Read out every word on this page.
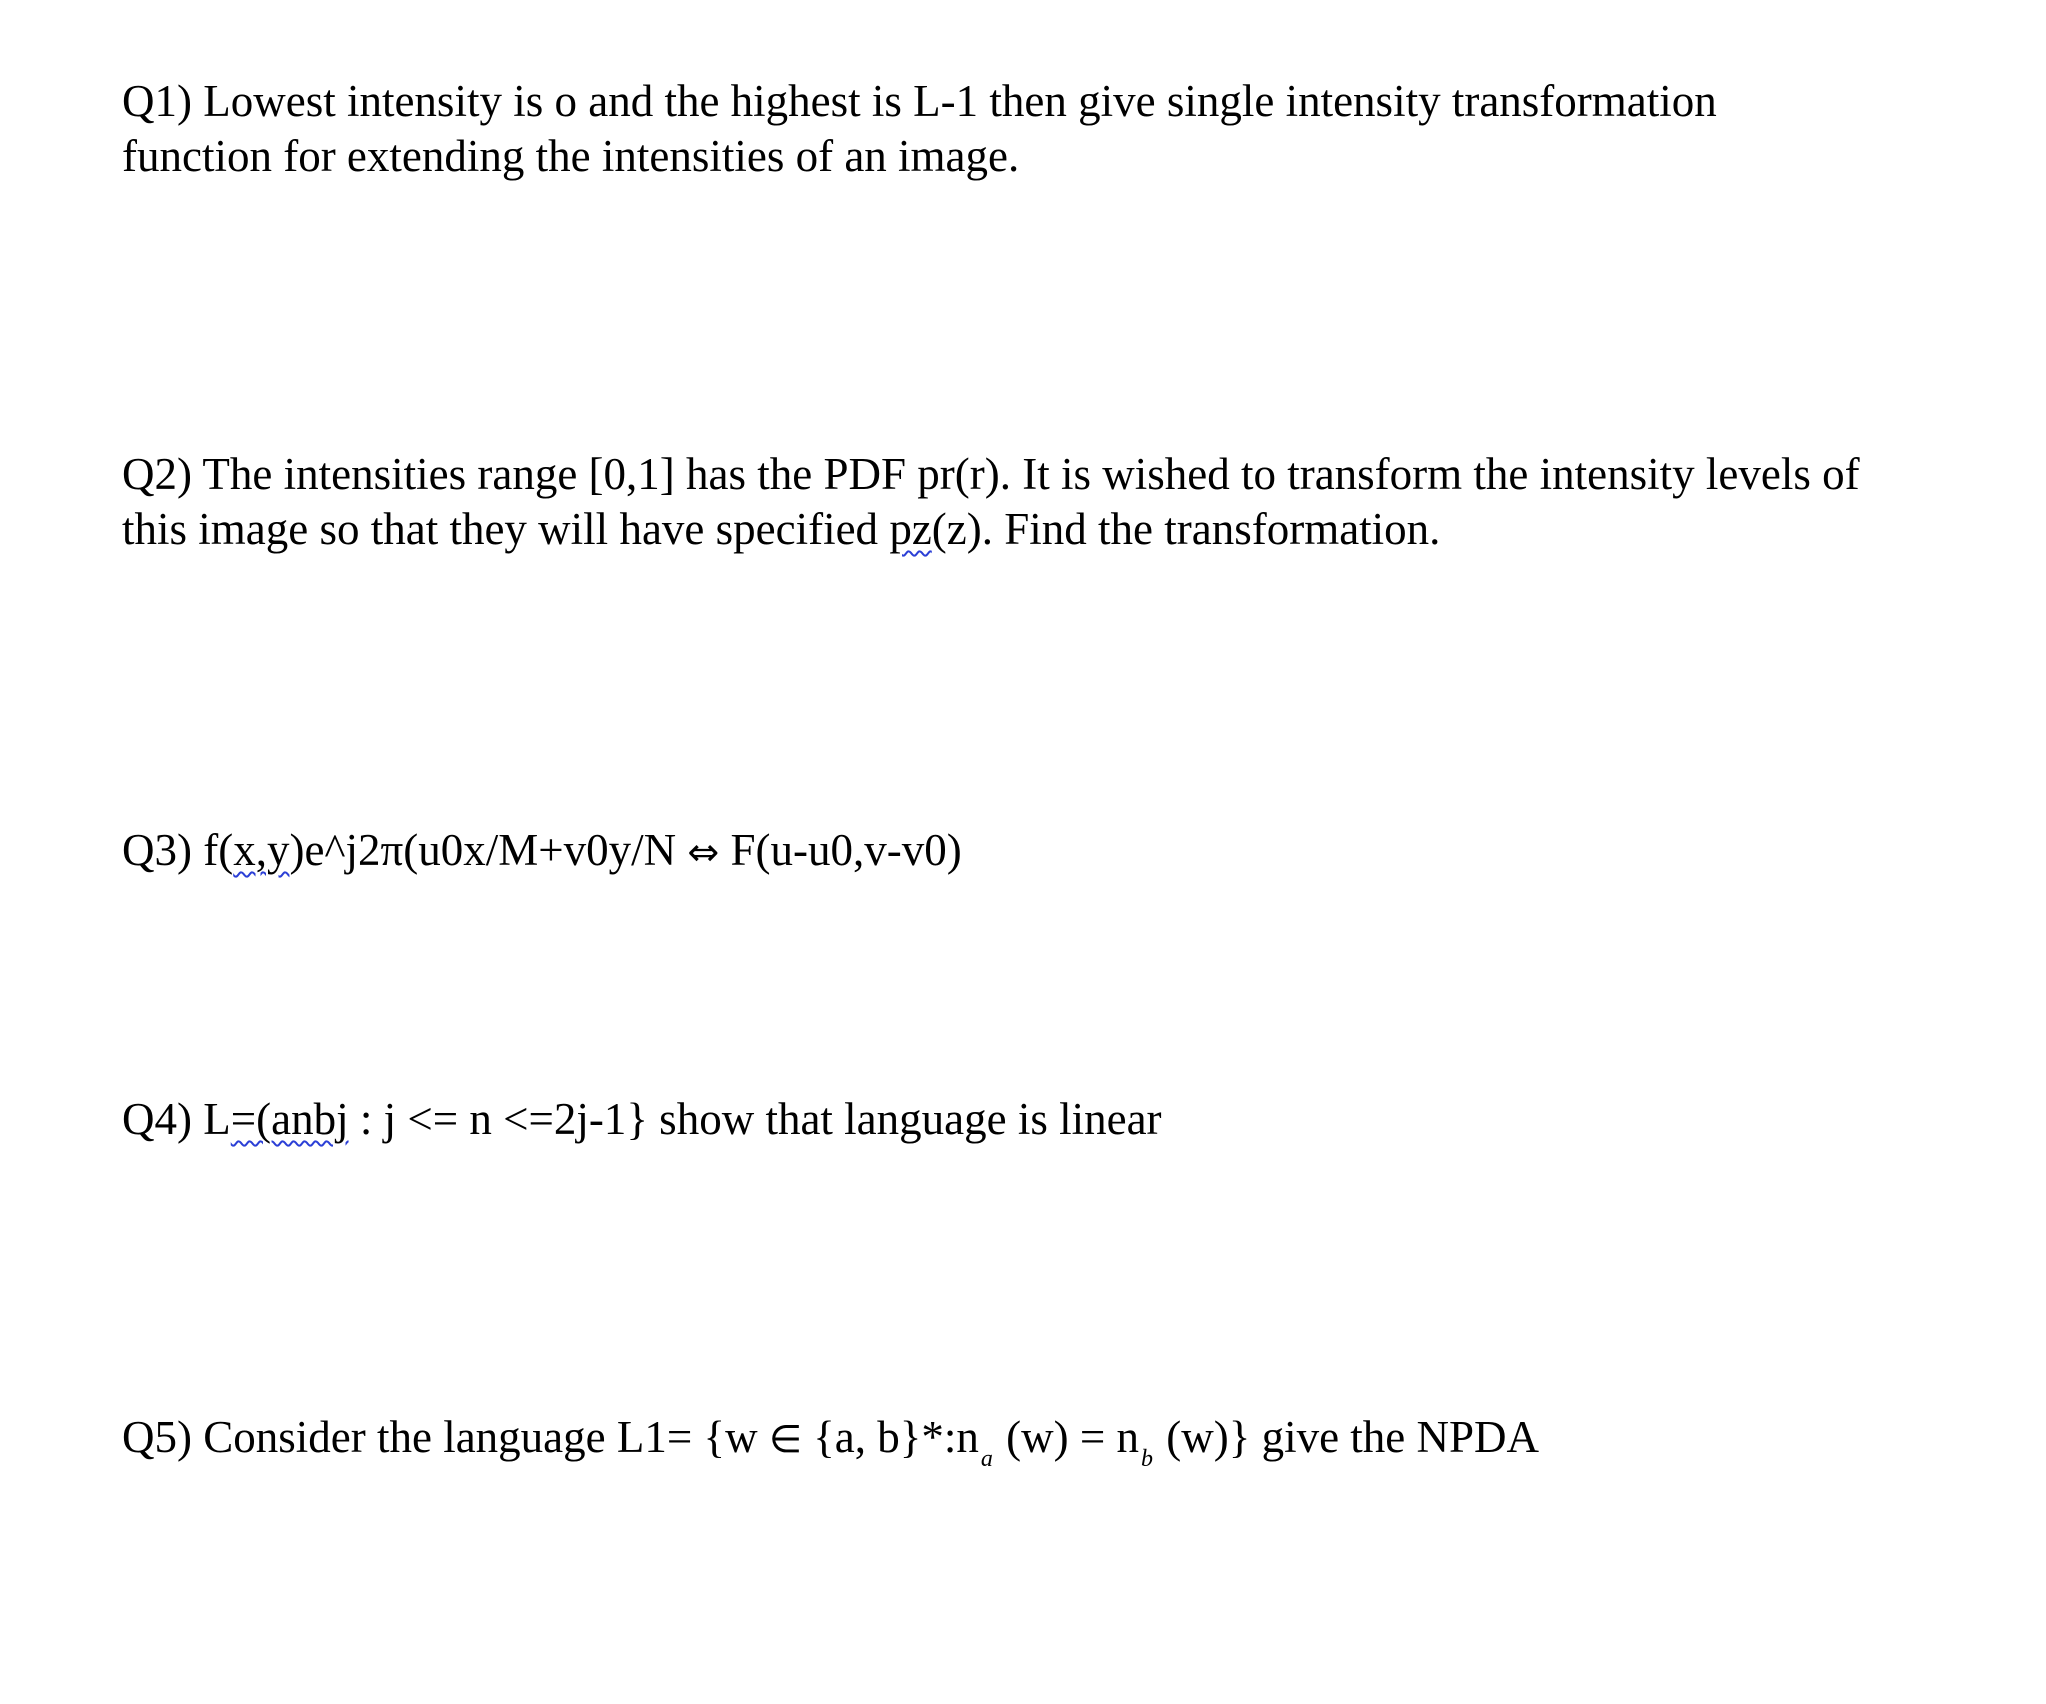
Q1) Lowest intensity is o and the highest is L-1 then give single intensity transformation
function for extending the intensities of an image.
Q2) The intensities range [0,1] has the PDF pr(r). It is wished to transform the intensity levels of
this image so that they will have specified pz(z). Find the transformation.
Q3) f(x,y)e^j2π(u0x/M+v0y/N ⇔ F(u-u0,v-v0)
Q4) L=(anbj : j <= n <=2j-1} show that language is linear
Q5) Consider the language L1= {w ∈ {a, $b\}*:n_a$ $(w) = n_b$ (w)} give the NPDA
